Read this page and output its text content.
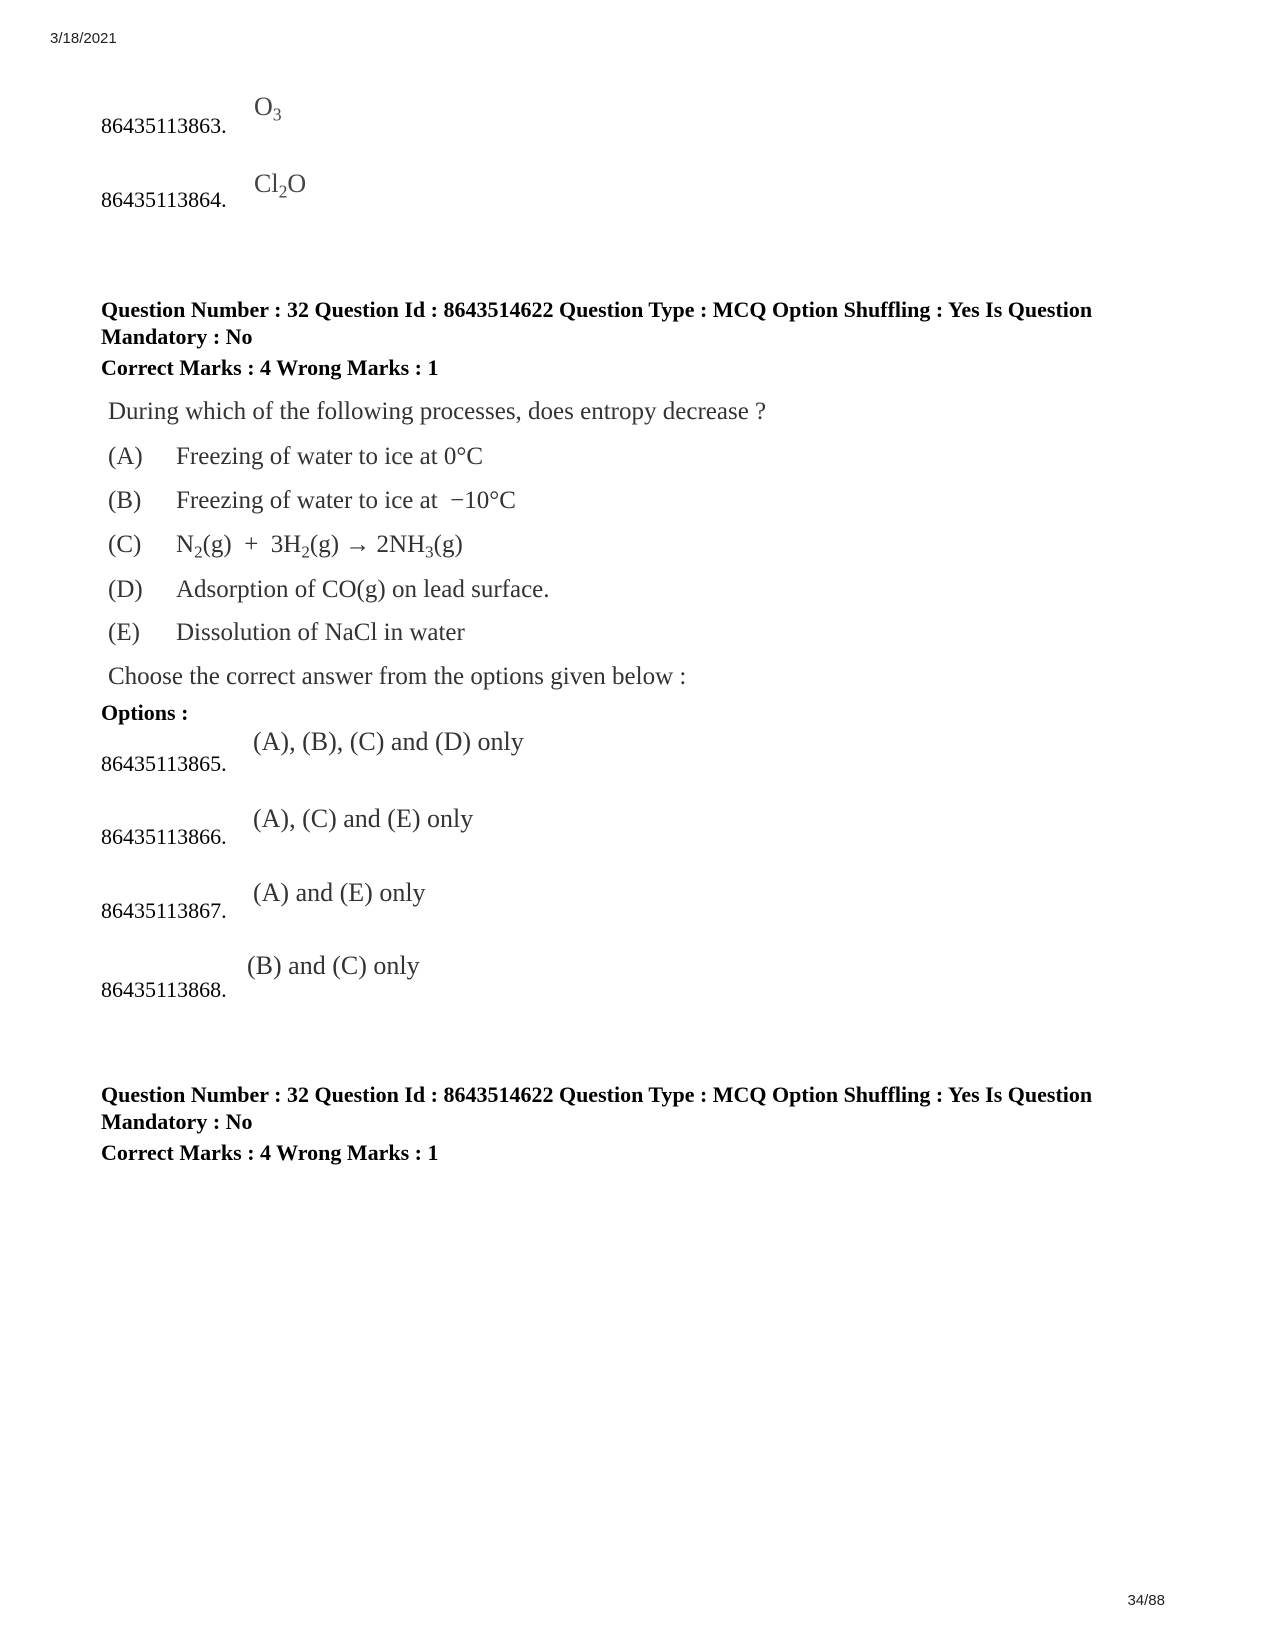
3/18/2021
86435113863.
$O_3$
86435113864.
$Cl_2O$
Question Number : 32 Question Id : 8643514622 Question Type : MCQ Option Shuffling : Yes Is Question Mandatory : No
Correct Marks : 4 Wrong Marks : 1
During which of the following processes, does entropy decrease ?
(A) Freezing of water to ice at 0°C
(B) Freezing of water to ice at  −10°C
(C) $N_2(g) + 3H_2(g) \to 2NH_3(g)$
(D) Adsorption of CO(g) on lead surface.
(E) Dissolution of NaCl in water
Choose the correct answer from the options given below :
Options :
86435113865.
(A), (B), (C) and (D) only
86435113866.
(A), (C) and (E) only
86435113867.
(A) and (E) only
86435113868.
(B) and (C) only
Question Number : 32 Question Id : 8643514622 Question Type : MCQ Option Shuffling : Yes Is Question Mandatory : No
Correct Marks : 4 Wrong Marks : 1
34/88
